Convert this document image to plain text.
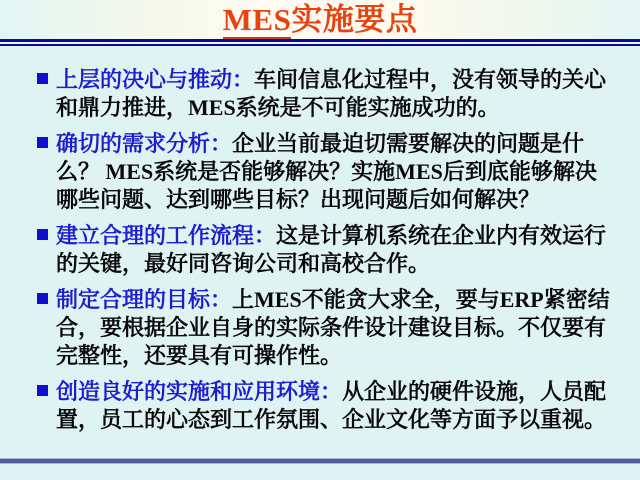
MES实施要点
上层的决心与推动：车间信息化过程中，没有领导的关心和鼎力推进，MES系统是不可能实施成功的。
确切的需求分析：企业当前最迫切需要解决的问题是什么？ MES系统是否能够解决？实施MES后到底能够解决哪些问题、达到哪些目标？出现问题后如何解决？
建立合理的工作流程：这是计算机系统在企业内有效运行的关键，最好同咨询公司和高校合作。
制定合理的目标：上MES不能贪大求全，要与ERP紧密结合，要根据企业自身的实际条件设计建设目标。不仅要有完整性，还要具有可操作性。
创造良好的实施和应用环境：从企业的硬件设施，人员配置，员工的心态到工作氛围、企业文化等方面予以重视。
